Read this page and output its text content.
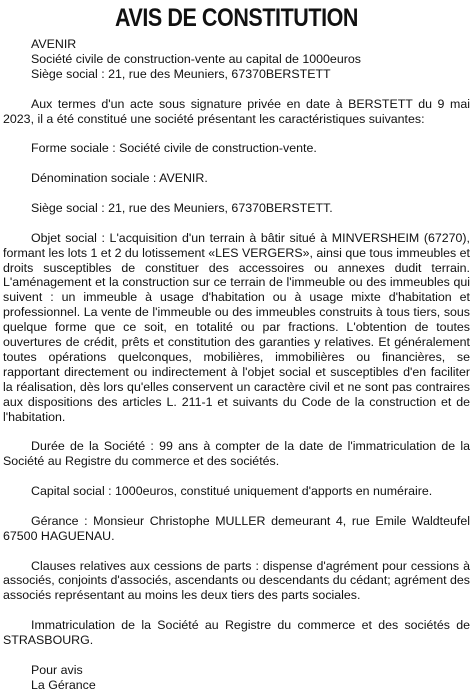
AVIS DE CONSTITUTION

AVENIR

Société civile de construction-vente au capital de 1000euros

Siège social : 21, rue des Meuniers, 67370BERSTETT

Aux termes d'un acte sous signature privée en date à BERSTETT du 9 mai 2023, il a été constitué une société présentant les caractéristiques suivantes:

Forme sociale : Société civile de construction-vente.

Dénomination sociale : AVENIR.

Siège social : 21, rue des Meuniers, 67370BERSTETT.

Objet social : L'acquisition d'un terrain à bâtir situé à MINVERSHEIM (67270), formant les lots 1 et 2 du lotissement «LES VERGERS», ainsi que tous immeubles et droits susceptibles de constituer des accessoires ou annexes dudit terrain. L'aménagement et la construction sur ce terrain de l'immeuble ou des immeubles qui suivent : un immeuble à usage d'habitation ou à usage mixte d'habitation et professionnel. La vente de l'immeuble ou des immeubles construits à tous tiers, sous quelque forme que ce soit, en totalité ou par fractions. L'obtention de toutes ouvertures de crédit, prêts et constitution des garanties y relatives. Et généralement toutes opérations quelconques, mobilières, immobilières ou financières, se rapportant directement ou indirectement à l'objet social et susceptibles d'en faciliter la réalisation, dès lors qu'elles conservent un caractère civil et ne sont pas contraires aux dispositions des articles L. 211-1 et suivants du Code de la construction et de l'habitation.

Durée de la Société : 99 ans à compter de la date de l'immatriculation de la Société au Registre du commerce et des sociétés.

Capital social : 1000euros, constitué uniquement d'apports en numéraire.

Gérance : Monsieur Christophe MULLER demeurant 4, rue Emile Waldteufel 67500 HAGUENAU.

Clauses relatives aux cessions de parts : dispense d'agrément pour cessions à associés, conjoints d'associés, ascendants ou descendants du cédant; agrément des associés représentant au moins les deux tiers des parts sociales.

Immatriculation de la Société au Registre du commerce et des sociétés de STRASBOURG.

Pour avis

La Gérance
